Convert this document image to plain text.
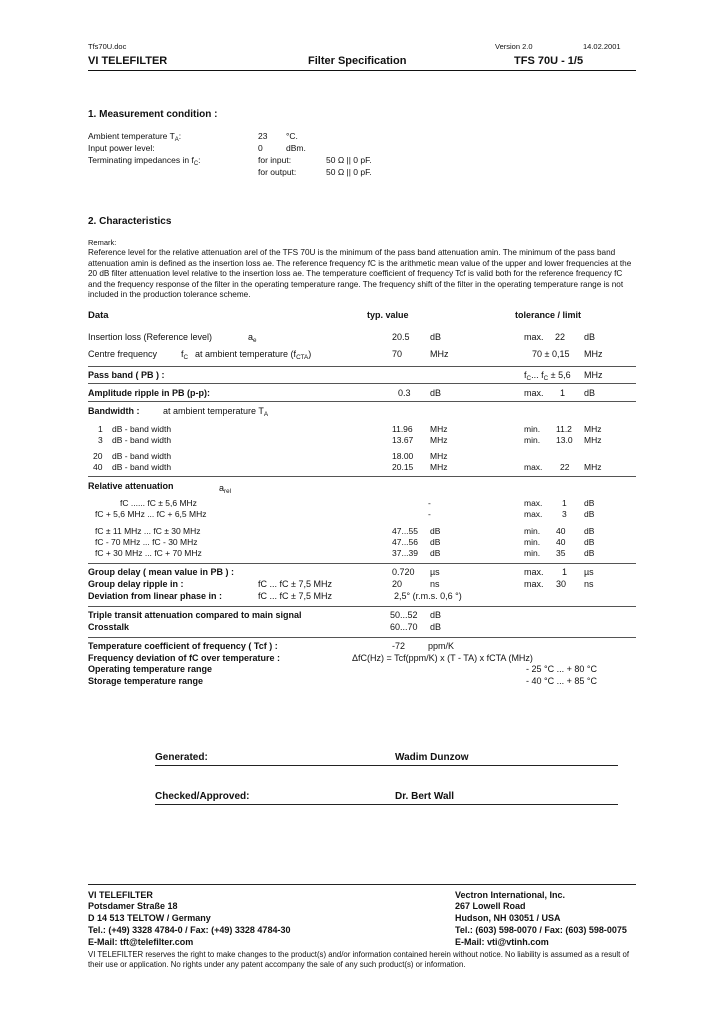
Tfs70U.doc	Version 2.0	14.02.2001
VI TELEFILTER	Filter Specification	TFS 70U - 1/5
1. Measurement condition :
Ambient temperature $T_A$:	23 °C.
Input power level:	0	dBm.
Terminating impedances in $f_C$:	for input:	50 Ω || 0 pF.
for output:	50 Ω || 0 pF.
2. Characteristics
Remark:
Reference level for the relative attenuation arel of the TFS 70U is the minimum of the pass band attenuation amin. The minimum of the pass band attenuation amin is defined as the insertion loss ae. The reference frequency fC is the arithmetic mean value of the upper and lower frequencies at the 20 dB filter attenuation level relative to the insertion loss ae. The temperature coefficient of frequency Tcf is valid both for the reference frequency fC and the frequency response of the filter in the operating temperature range. The frequency shift of the filter in the operating temperature range is not included in the production tolerance scheme.
Data	typ. value	tolerance / limit
Insertion loss (Reference level)	$a_e$	20.5 dB	max. 22 dB
Centre frequency	$f_C$ at ambient temperature $(f_{CTA})$	70	MHz	70 ± 0,15 MHz
Pass band ( PB ) :	$f_C$... $f_C \pm 5,6$ MHz
Amplitude ripple in PB (p-p):	0.3 dB	max. 1 dB
Bandwidth :	at ambient temperature $T_A$
1 dB - band width	11.96 MHz	min. 11.2 MHz
3 dB - band width	13.67 MHz	min. 13.0 MHz
20 dB - band width	18.00 MHz
40 dB - band width	20.15 MHz	max. 22 MHz
Relative attenuation	$a_{rel}$
fC ...... fC ± 5,6 MHz	-	max. 1 dB
fC + 5,6 MHz ... fC + 6,5 MHz	-	max. 3 dB
fC ± 11 MHz ... fC ± 30 MHz	47...55 dB	min. 40 dB
fC - 70 MHz ... fC - 30 MHz	47...56 dB	min. 40 dB
fC + 30 MHz ... fC + 70 MHz	37...39 dB	min. 35 dB
Group delay ( mean value in PB ) :	0.720 µs	max. 1 µs
Group delay ripple in :	fC ... fC ± 7,5 MHz	20	ns	max. 30 ns
Deviation from linear phase in :	fC ... fC ± 7,5 MHz	2,5° (r.m.s. 0,6 °)
Triple transit attenuation compared to main signal	50...52 dB
Crosstalk	60...70 dB
Temperature coefficient of frequency ( Tcf ) :	-72	ppm/K
Frequency deviation of fC over temperature :	ΔfC(Hz) = Tcf(ppm/K) x (T - TA) x fCTA (MHz)
Operating temperature range	- 25 °C ... + 80 °C
Storage temperature range	- 40 °C ... + 85 °C
Generated:	Wadim Dunzow
Checked/Approved:	Dr. Bert Wall
VI TELEFILTER
Potsdamer Straße 18
D 14 513 TELTOW / Germany
Tel.: (+49) 3328 4784-0 / Fax: (+49) 3328 4784-30
E-Mail: tft@telefilter.com
Vectron International, Inc.
267 Lowell Road
Hudson, NH 03051 / USA
Tel.: (603) 598-0070 / Fax: (603) 598-0075
E-Mail: vti@vtinh.com
VI TELEFILTER reserves the right to make changes to the product(s) and/or information contained herein without notice. No liability is assumed as a result of their use or application. No rights under any patent accompany the sale of any such product(s) or information.
